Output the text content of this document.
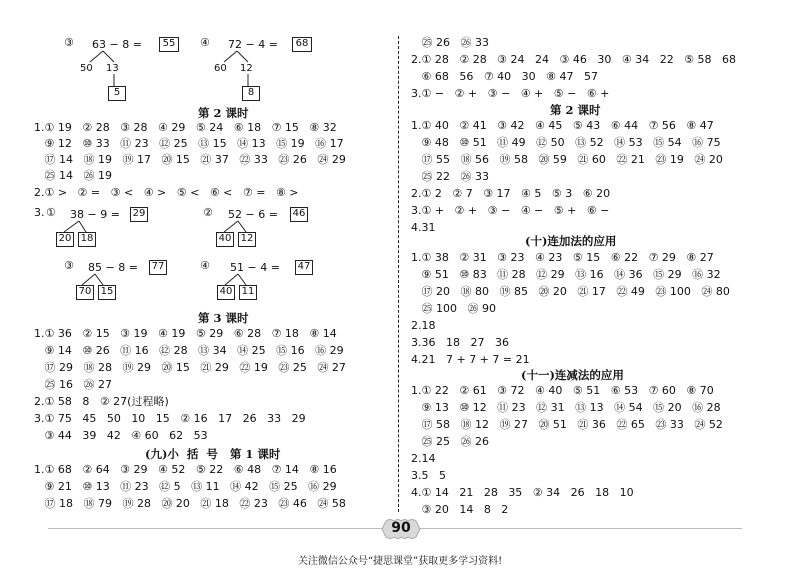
③ 63 − 8 =	55
50 13
5
④ 72 − 4 =	68
60 12
8
第 2 课时
1.① 19   ② 28   ③ 28   ④ 29   ⑤ 24   ⑥ 18   ⑦ 15   ⑧ 32
⑨ 12   ⑩ 33   ⑪ 23   ⑫ 25   ⑬ 15   ⑭ 13   ⑮ 19   ⑯ 17
⑰ 14   ⑱ 19   ⑲ 17   ⑳ 15   ㉑ 37   ㉒ 33   ㉓ 26   ㉔ 29
㉕ 14   ㉖ 19
2.① >   ② =   ③ <   ④ >   ⑤ <   ⑥ <   ⑦ =   ⑧ >
3. ① 38 − 9 = 29
20 18
② 52 − 6 = 46
40 12
③ 85 − 8 = 77
70 15
④ 51 − 4 = 47
40 11
第 3 课时
1.① 36   ② 15   ③ 19   ④ 19   ⑤ 29   ⑥ 28   ⑦ 18   ⑧ 14
⑨ 14   ⑩ 26   ⑪ 16   ⑫ 28   ⑬ 34   ⑭ 25   ⑮ 16   ⑯ 29
⑰ 29   ⑱ 28   ⑲ 29   ⑳ 15   ㉑ 29   ㉒ 19   ㉓ 25   ㉔ 27
㉕ 16   ㉖ 27
2.① 58   8   ② 27(过程略)
3.① 75   45   50   10   15   ② 16   17   26   33   29
③ 44   39   42   ④ 60   62   53
(九)小  括  号   第 1 课时
1.① 68   ② 64   ③ 29   ④ 52   ⑤ 22   ⑥ 48   ⑦ 14   ⑧ 16
⑨ 21   ⑩ 13   ⑪ 23   ⑫ 5   ⑬ 11   ⑭ 42   ⑮ 25   ⑯ 29
⑰ 18   ⑱ 79   ⑲ 28   ⑳ 20   ㉑ 18   ㉒ 23   ㉓ 46   ㉔ 58
㉕ 26   ㉖ 33
2.① 28   ② 28   ③ 24   24   ③ 46   30   ④ 34   22   ⑤ 58   68
⑥ 68   56   ⑦ 40   30   ⑧ 47   57
3.① −   ② +   ③ −   ④ +   ⑤ −   ⑥ +
第 2 课时
1.① 40   ② 41   ③ 42   ④ 45   ⑤ 43   ⑥ 44   ⑦ 56   ⑧ 47
⑨ 48   ⑩ 51   ⑪ 49   ⑫ 50   ⑬ 52   ⑭ 53   ⑮ 54   ⑯ 75
⑰ 55   ⑱ 56   ⑲ 58   ⑳ 59   ㉑ 60   ㉒ 21   ㉓ 19   ㉔ 20
㉕ 22   ㉖ 33
2.① 2   ② 7   ③ 17   ④ 5   ⑤ 3   ⑥ 20
3.① +   ② +   ③ −   ④ −   ⑤ +   ⑥ −
4.31
(十)连加法的应用
1.① 38   ② 31   ③ 23   ④ 23   ⑤ 15   ⑥ 22   ⑦ 29   ⑧ 27
⑨ 51   ⑩ 83   ⑪ 28   ⑫ 29   ⑬ 16   ⑭ 36   ⑮ 29   ⑯ 32
⑰ 20   ⑱ 80   ⑲ 85   ⑳ 20   ㉑ 17   ㉒ 49   ㉓ 100   ㉔ 80
㉕ 100   ㉖ 90
2.18
3.36   18   27   36
4.21   7 + 7 + 7 = 21
(十一)连减法的应用
1.① 22   ② 61   ③ 72   ④ 40   ⑤ 51   ⑥ 53   ⑦ 60   ⑧ 70
⑨ 13   ⑩ 12   ⑪ 23   ⑫ 31   ⑬ 13   ⑭ 54   ⑮ 20   ⑯ 28
⑰ 58   ⑱ 12   ⑲ 27   ⑳ 51   ㉑ 36   ㉒ 65   ㉓ 33   ㉔ 52
㉕ 25   ㉖ 26
2.14
3.5   5
4.① 14   21   28   35   ② 34   26   18   10
③ 20   14   8   2
90
关注微信公众号“捷思课堂”获取更多学习资料!
